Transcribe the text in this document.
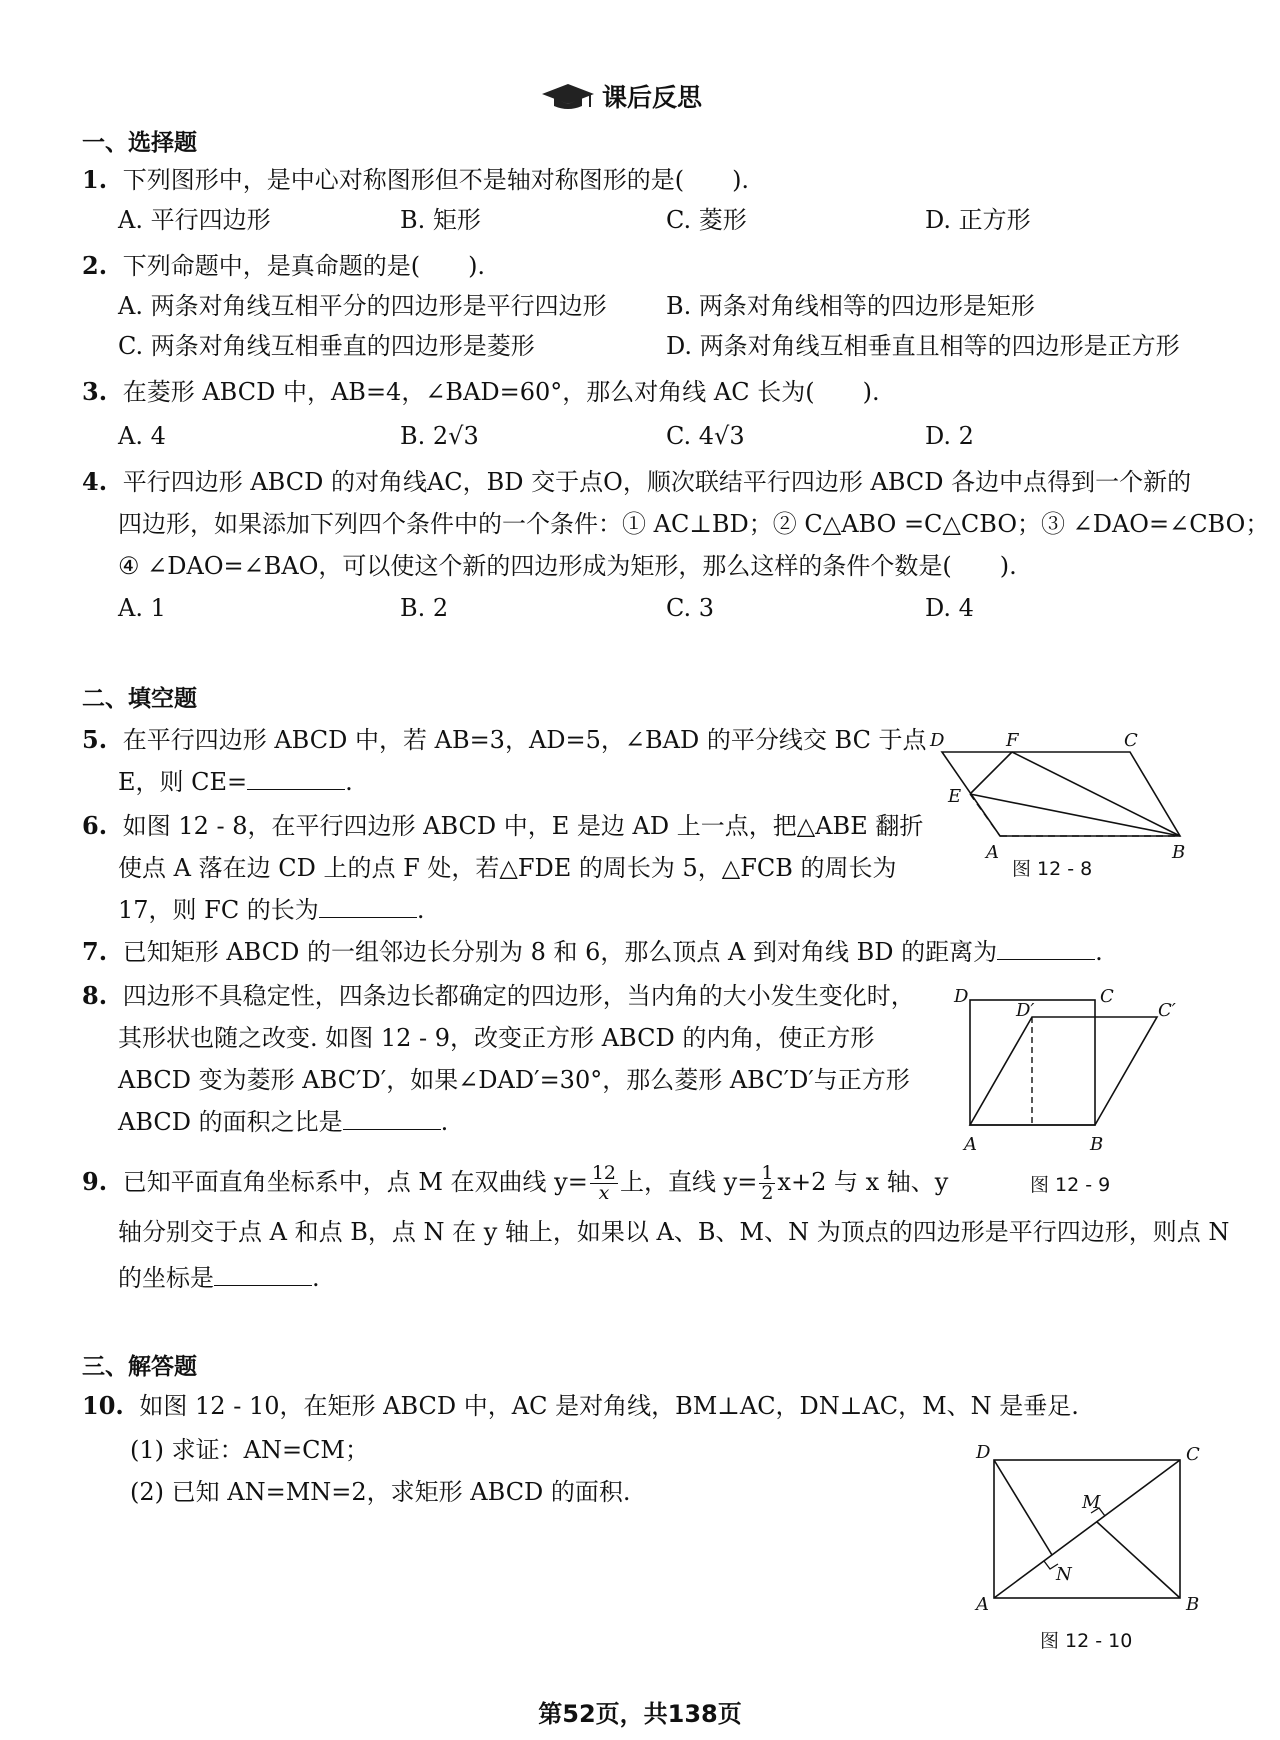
课后反思
一、选择题
1. 下列图形中，是中心对称图形但不是轴对称图形的是(　　).
A. 平行四边形	B. 矩形	C. 菱形	D. 正方形
2. 下列命题中，是真命题的是(　　).
A. 两条对角线互相平分的四边形是平行四边形 B. 两条对角线相等的四边形是矩形
C. 两条对角线互相垂直的四边形是菱形	D. 两条对角线互相垂直且相等的四边形是正方形
3. 在菱形 ABCD 中，AB=4，∠BAD=60°，那么对角线 AC 长为(　　).
A. 4	B. 2√3	C. 4√3	D. 2
4. 平行四边形 ABCD 的对角线AC，BD 交于点O，顺次联结平行四边形 ABCD 各边中点得到一个新的
四边形，如果添加下列四个条件中的一个条件：① AC⊥BD；② C△ABO =C△CBO；③ ∠DAO=∠CBO；
④ ∠DAO=∠BAO，可以使这个新的四边形成为矩形，那么这样的条件个数是(　　).
A. 1	B. 2	C. 3	D. 4
二、填空题
5. 在平行四边形 ABCD 中，若 AB=3，AD=5，∠BAD 的平分线交 BC 于点
E，则 CE=	.
6. 如图 12 - 8，在平行四边形 ABCD 中，E 是边 AD 上一点，把△ABE 翻折
使点 A 落在边 CD 上的点 F 处，若△FDE 的周长为 5，△FCB 的周长为
17，则 FC 的长为	.
D	F	C
E
A	B
图 12 - 8
7. 已知矩形 ABCD 的一组邻边长分别为 8 和 6，那么顶点 A 到对角线 BD 的距离为	.
8. 四边形不具稳定性，四条边长都确定的四边形，当内角的大小发生变化时，
其形状也随之改变. 如图 12 - 9，改变正方形 ABCD 的内角，使正方形
ABCD 变为菱形 ABC′D′，如果∠DAD′=30°，那么菱形 ABC′D′与正方形
ABCD 的面积之比是	.
D
D′
C
C′
A	B
图 12 - 9
9. 已知平面直角坐标系中，点 M 在双曲线 $y= \frac{12}{x}$ 上，直线 $y= \frac{1}{2} x+2$ 与 x 轴、y
轴分别交于点 A 和点 B，点 N 在 y 轴上，如果以 A、B、M、N 为顶点的四边形是平行四边形，则点 N
的坐标是	.
三、解答题
10. 如图 12 - 10，在矩形 ABCD 中，AC 是对角线，BM⊥AC，DN⊥AC，M、N 是垂足.
(1) 求证：AN=CM；
(2) 已知 AN=MN=2，求矩形 ABCD 的面积.
D	C
M
N
A	B
图 12 - 10
第52页，共138页
